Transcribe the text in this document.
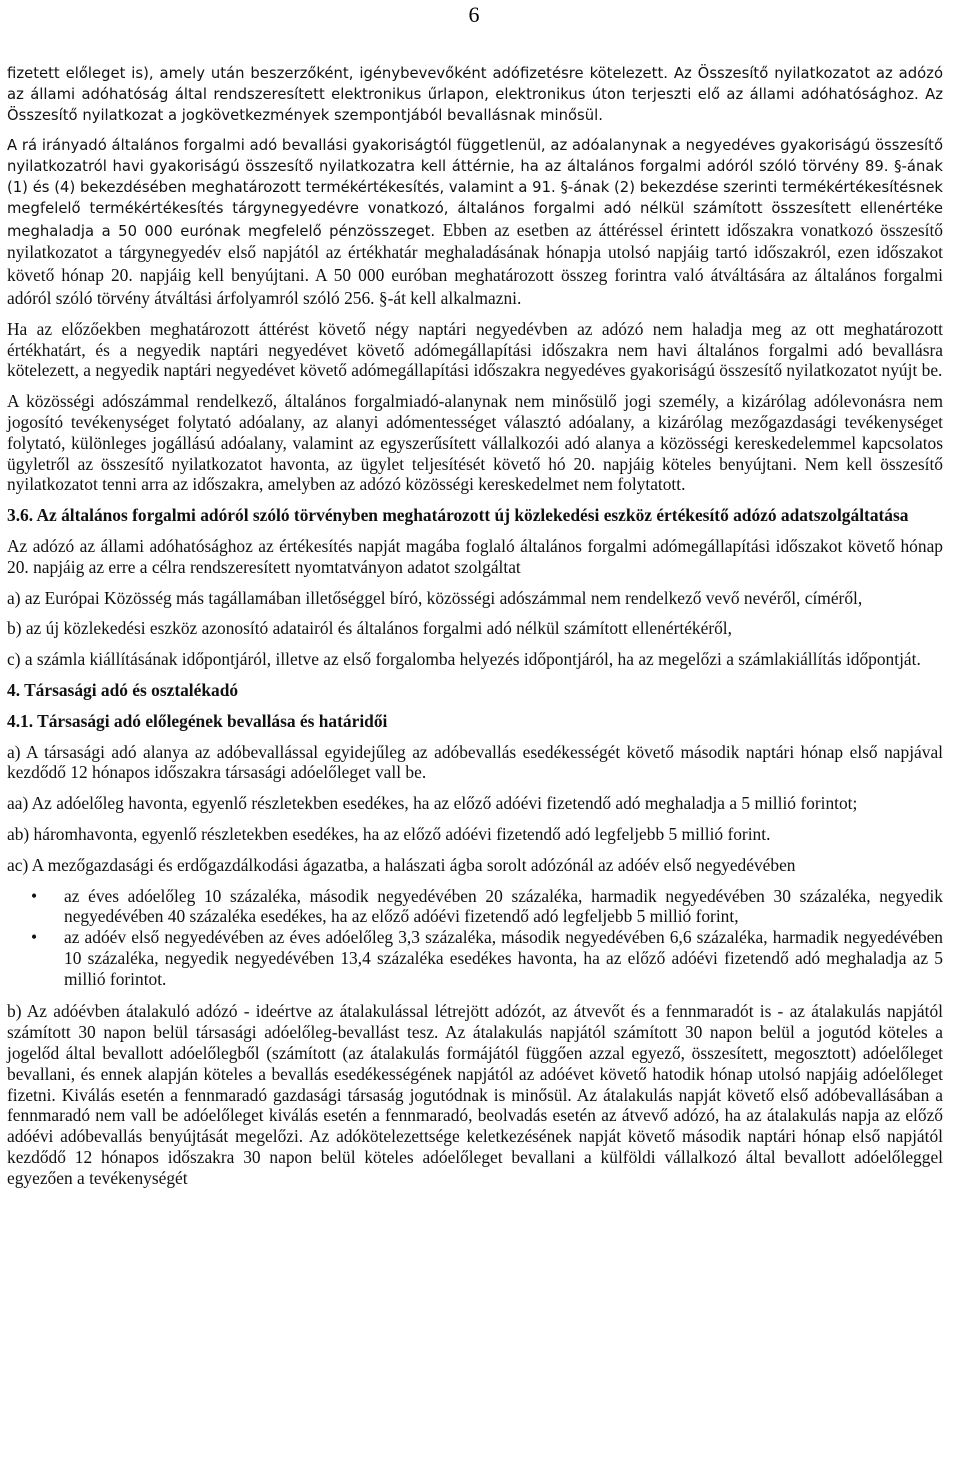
6

fizetett előleget is), amely után beszerzőként, igénybevevőként adófizetésre kötelezett. Az Összesítő nyilatkozatot az adózó az állami adóhatóság által rendszeresített elektronikus űrlapon, elektronikus úton terjeszti elő az állami adóhatósághoz. Az Összesítő nyilatkozat a jogkövetkezmények szempontjából bevallásnak minősül.

A rá irányadó általános forgalmi adó bevallási gyakoriságtól függetlenül, az adóalanynak a negyedéves gyakoriságú összesítő nyilatkozatról havi gyakoriságú összesítő nyilatkozatra kell áttérnie, ha az általános forgalmi adóról szóló törvény 89. §-ának (1) és (4) bekezdésében meghatározott termékértékesítés, valamint a 91. §-ának (2) bekezdése szerinti termékértékesítésnek megfelelő termékértékesítés tárgynegyedévre vonatkozó, általános forgalmi adó nélkül számított összesített ellenértéke meghaladja a 50 000 eurónak megfelelő pénzösszeget. Ebben az esetben az áttéréssel érintett időszakra vonatkozó összesítő nyilatkozatot a tárgynegyedév első napjától az értékhatár meghaladásának hónapja utolsó napjáig tartó időszakról, ezen időszakot követő hónap 20. napjáig kell benyújtani. A 50 000 euróban meghatározott összeg forintra való átváltására az általános forgalmi adóról szóló törvény átváltási árfolyamról szóló 256. §-át kell alkalmazni.

Ha az előzőekben meghatározott áttérést követő négy naptári negyedévben az adózó nem haladja meg az ott meghatározott értékhatárt, és a negyedik naptári negyedévet követő adómegállapítási időszakra nem havi általános forgalmi adó bevallásra kötelezett, a negyedik naptári negyedévet követő adómegállapítási időszakra negyedéves gyakoriságú összesítő nyilatkozatot nyújt be.

A közösségi adószámmal rendelkező, általános forgalmiadó-alanynak nem minősülő jogi személy, a kizárólag adólevonásra nem jogosító tevékenységet folytató adóalany, az alanyi adómentességet választó adóalany, a kizárólag mezőgazdasági tevékenységet folytató, különleges jogállású adóalany, valamint az egyszerűsített vállalkozói adó alanya a közösségi kereskedelemmel kapcsolatos ügyletről az összesítő nyilatkozatot havonta, az ügylet teljesítését követő hó 20. napjáig köteles benyújtani. Nem kell összesítő nyilatkozatot tenni arra az időszakra, amelyben az adózó közösségi kereskedelmet nem folytatott.

3.6. Az általános forgalmi adóról szóló törvényben meghatározott új közlekedési eszköz értékesítő adózó adatszolgáltatása

Az adózó az állami adóhatósághoz az értékesítés napját magába foglaló általános forgalmi adómegállapítási időszakot követő hónap 20. napjáig az erre a célra rendszeresített nyomtatványon adatot szolgáltat

a) az Európai Közösség más tagállamában illetőséggel bíró, közösségi adószámmal nem rendelkező vevő nevéről, címéről,

b) az új közlekedési eszköz azonosító adatairól és általános forgalmi adó nélkül számított ellenértékéről,

c) a számla kiállításának időpontjáról, illetve az első forgalomba helyezés időpontjáról, ha az megelőzi a számlakiállítás időpontját.

4. Társasági adó és osztalékadó
4.1. Társasági adó előlegének bevallása és határidői

a) A társasági adó alanya az adóbevallással egyidejűleg az adóbevallás esedékességét követő második naptári hónap első napjával kezdődő 12 hónapos időszakra társasági adóelőleget vall be.

aa) Az adóelőleg havonta, egyenlő részletekben esedékes, ha az előző adóévi fizetendő adó meghaladja a 5 millió forintot;

ab) háromhavonta, egyenlő részletekben esedékes, ha az előző adóévi fizetendő adó legfeljebb 5 millió forint.

ac) A mezőgazdasági és erdőgazdálkodási ágazatba, a halászati ágba sorolt adózónál az adóév első negyedévében

• az éves adóelőleg 10 százaléka, második negyedévében 20 százaléka, harmadik negyedévében 30 százaléka, negyedik negyedévében 40 százaléka esedékes, ha az előző adóévi fizetendő adó legfeljebb 5 millió forint,
• az adóév első negyedévében az éves adóelőleg 3,3 százaléka, második negyedévében 6,6 százaléka, harmadik negyedévében 10 százaléka, negyedik negyedévében 13,4 százaléka esedékes havonta, ha az előző adóévi fizetendő adó meghaladja az 5 millió forintot.

b) Az adóévben átalakuló adózó - ideértve az átalakulással létrejött adózót, az átvevőt és a fennmaradót is - az átalakulás napjától számított 30 napon belül társasági adóelőleg-bevallást tesz. Az átalakulás napjától számított 30 napon belül a jogutód köteles a jogelőd által bevallott adóelőlegből (számított (az átalakulás formájától függően azzal egyező, összesített, megosztott) adóelőleget bevallani, és ennek alapján köteles a bevallás esedékességének napjától az adóévet követő hatodik hónap utolsó napjáig adóelőleget fizetni. Kiválás esetén a fennmaradó gazdasági társaság jogutódnak is minősül. Az átalakulás napját követő első adóbevallásában a fennmaradó nem vall be adóelőleget kiválás esetén a fennmaradó, beolvadás esetén az átvevő adózó, ha az átalakulás napja az előző adóévi adóbevallás benyújtását megelőzi. Az adókötelezettsége keletkezésének napját követő második naptári hónap első napjától kezdődő 12 hónapos időszakra 30 napon belül köteles adóelőleget bevallani a külföldi vállalkozó által bevallott adóelőleggel egyezően a tevékenységét
